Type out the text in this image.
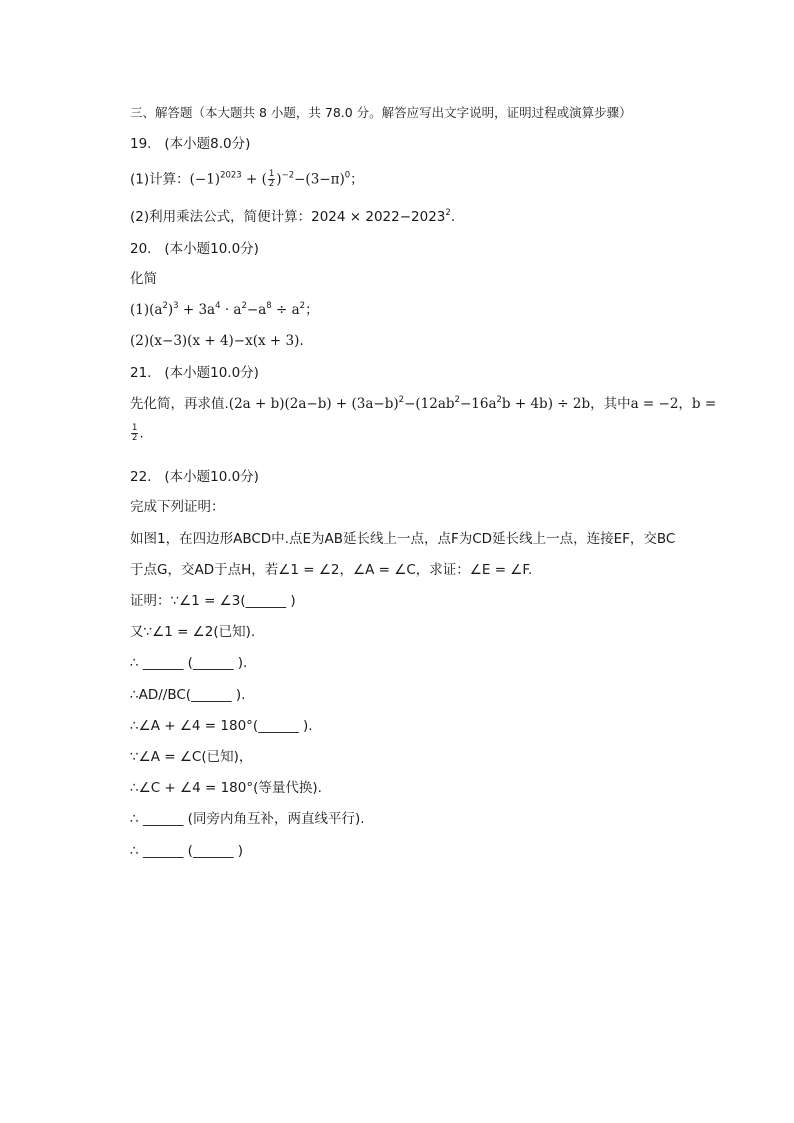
三、解答题（本大题共 8 小题，共 78.0 分。解答应写出文字说明，证明过程或演算步骤）
19. (本小题8.0分)
(1)计算：$(-1)^{2023}$ + ( $\frac{1}{2} )^{-2}-(3-\pi)^0$；
(2)利用乘法公式，简便计算：$2024 \times 2022-2023^2$.
20. (本小题10.0分)
化简
$(1)(a^2)^3 + 3a^4 \cdot a^2-a^8 \div a^2$；
(2)(x−3)(x + 4)−x(x + 3).
21. (本小题10.0分)
先化简，再求值$.(2a + b)(2a-b) + (3a-b)^2-(12ab^2-16a^2b + 4b) \div 2b$，其中a = −2，b =
$\frac{1}{2}$ .
22. (本小题10.0分)
完成下列证明：
如图1，在四边形ABCD中.点E为AB延长线上一点，点F为CD延长线上一点，连接EF，交BC
于点G，交AD于点H，若∠1 = ∠2，∠A = ∠C，求证：∠E = ∠F.
证明：∵∠1 = ∠3(______ )
又∵∠1 = ∠2(已知).
∴ ______ (______ ).
∴AD//BC(______ ).
∴∠A + ∠4 = 180°(______ ).
∵∠A = ∠C(已知)，
∴∠C + ∠4 = 180°(等量代换).
∴ ______ (同旁内角互补，两直线平行).
∴ ______ (______ )
